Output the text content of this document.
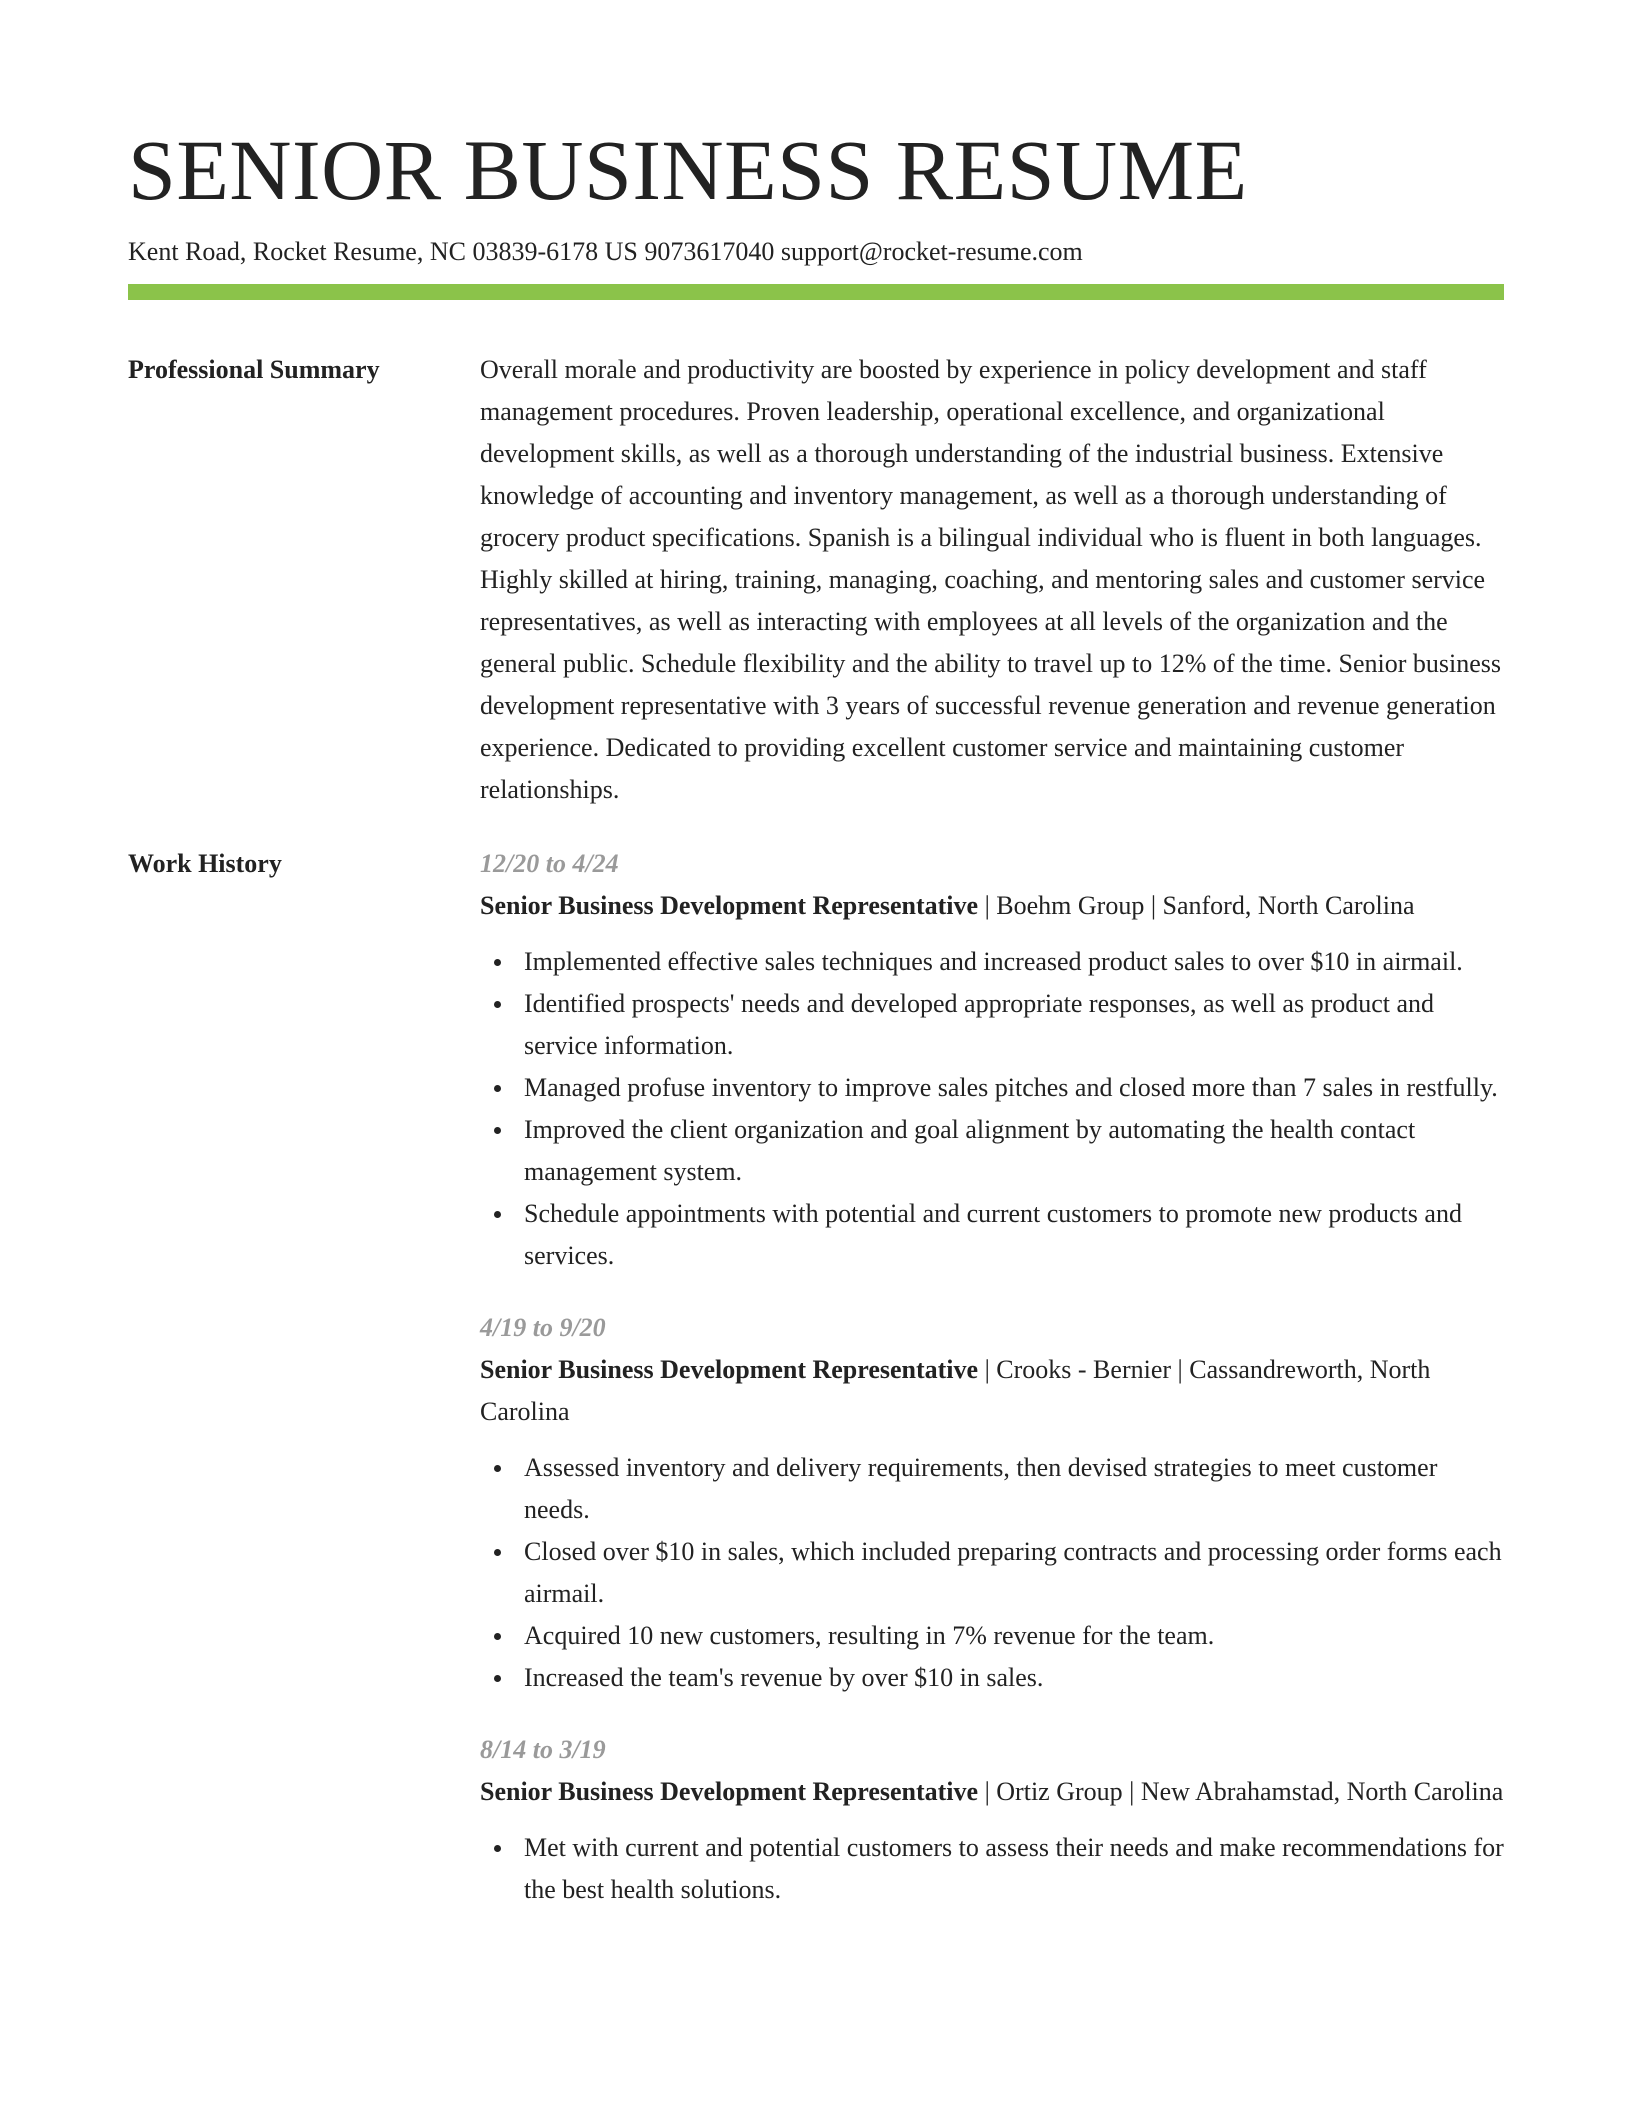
SENIOR BUSINESS RESUME
Kent Road, Rocket Resume, NC 03839-6178 US 9073617040 support@rocket-resume.com
Professional Summary	Overall morale and productivity are boosted by experience in policy development and staff management procedures. Proven leadership, operational excellence, and organizational development skills, as well as a thorough understanding of the industrial business. Extensive knowledge of accounting and inventory management, as well as a thorough understanding of grocery product specifications. Spanish is a bilingual individual who is fluent in both languages. Highly skilled at hiring, training, managing, coaching, and mentoring sales and customer service representatives, as well as interacting with employees at all levels of the organization and the general public. Schedule flexibility and the ability to travel up to 12% of the time. Senior business development representative with 3 years of successful revenue generation and revenue generation experience. Dedicated to providing excellent customer service and maintaining customer relationships.

Work History	12/20 to 4/24
Senior Business Development Representative | Boehm Group | Sanford, North Carolina
Implemented effective sales techniques and increased product sales to over $10 in airmail.
Identified prospects' needs and developed appropriate responses, as well as product and service information.
Managed profuse inventory to improve sales pitches and closed more than 7 sales in restfully.
Improved the client organization and goal alignment by automating the health contact management system.
Schedule appointments with potential and current customers to promote new products and services.
4/19 to 9/20
Senior Business Development Representative | Crooks - Bernier | Cassandreworth, North Carolina
Assessed inventory and delivery requirements, then devised strategies to meet customer needs.
Closed over $10 in sales, which included preparing contracts and processing order forms each airmail.
Acquired 10 new customers, resulting in 7% revenue for the team.
Increased the team's revenue by over $10 in sales.
8/14 to 3/19
Senior Business Development Representative | Ortiz Group | New Abrahamstad, North Carolina
Met with current and potential customers to assess their needs and make recommendations for the best health solutions.
